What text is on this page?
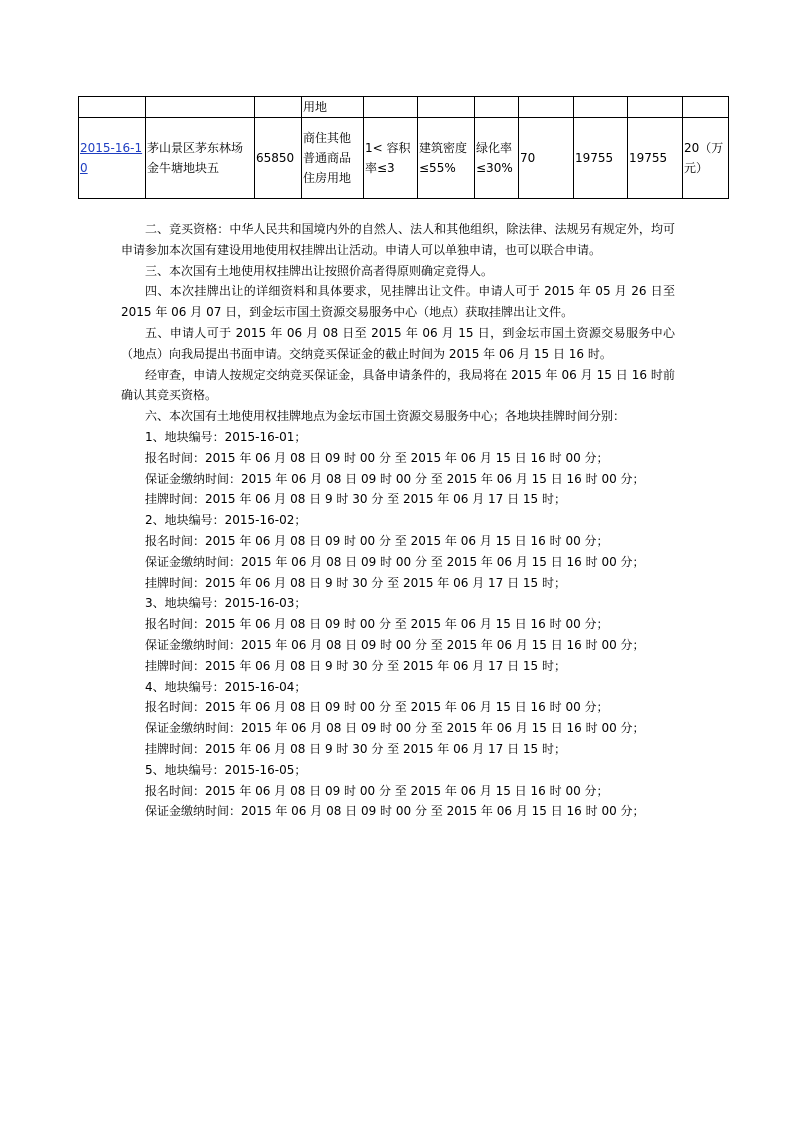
			用地							
2015-16-10	茅山景区茅东林场金牛塘地块五	65850	商住其他普通商品住房用地	1< 容积率≤3	建筑密度≤55%	绿化率≤30%	70	19755	19755	20（万元）

二、竞买资格：中华人民共和国境内外的自然人、法人和其他组织，除法律、法规另有规定外，均可申请参加本次国有建设用地使用权挂牌出让活动。申请人可以单独申请，也可以联合申请。

三、本次国有土地使用权挂牌出让按照价高者得原则确定竞得人。

四、本次挂牌出让的详细资料和具体要求，见挂牌出让文件。申请人可于 2015 年 05 月 26 日至 2015 年 06 月 07 日，到金坛市国土资源交易服务中心（地点）获取挂牌出让文件。

五、申请人可于 2015 年 06 月 08 日至 2015 年 06 月 15 日，到金坛市国土资源交易服务中心（地点）向我局提出书面申请。交纳竞买保证金的截止时间为 2015 年 06 月 15 日 16 时。

经审查，申请人按规定交纳竞买保证金，具备申请条件的，我局将在 2015 年 06 月 15 日 16 时前确认其竞买资格。

六、本次国有土地使用权挂牌地点为金坛市国土资源交易服务中心；各地块挂牌时间分别：

1、地块编号：2015-16-01；

报名时间：2015 年 06 月 08 日 09 时 00 分 至 2015 年 06 月 15 日 16 时 00 分；

保证金缴纳时间：2015 年 06 月 08 日 09 时 00 分 至 2015 年 06 月 15 日 16 时 00 分；

挂牌时间：2015 年 06 月 08 日 9 时 30 分 至 2015 年 06 月 17 日 15 时；

2、地块编号：2015-16-02；

报名时间：2015 年 06 月 08 日 09 时 00 分 至 2015 年 06 月 15 日 16 时 00 分；

保证金缴纳时间：2015 年 06 月 08 日 09 时 00 分 至 2015 年 06 月 15 日 16 时 00 分；

挂牌时间：2015 年 06 月 08 日 9 时 30 分 至 2015 年 06 月 17 日 15 时；

3、地块编号：2015-16-03；

报名时间：2015 年 06 月 08 日 09 时 00 分 至 2015 年 06 月 15 日 16 时 00 分；

保证金缴纳时间：2015 年 06 月 08 日 09 时 00 分 至 2015 年 06 月 15 日 16 时 00 分；

挂牌时间：2015 年 06 月 08 日 9 时 30 分 至 2015 年 06 月 17 日 15 时；

4、地块编号：2015-16-04；

报名时间：2015 年 06 月 08 日 09 时 00 分 至 2015 年 06 月 15 日 16 时 00 分；

保证金缴纳时间：2015 年 06 月 08 日 09 时 00 分 至 2015 年 06 月 15 日 16 时 00 分；

挂牌时间：2015 年 06 月 08 日 9 时 30 分 至 2015 年 06 月 17 日 15 时；

5、地块编号：2015-16-05；

报名时间：2015 年 06 月 08 日 09 时 00 分 至 2015 年 06 月 15 日 16 时 00 分；

保证金缴纳时间：2015 年 06 月 08 日 09 时 00 分 至 2015 年 06 月 15 日 16 时 00 分；
